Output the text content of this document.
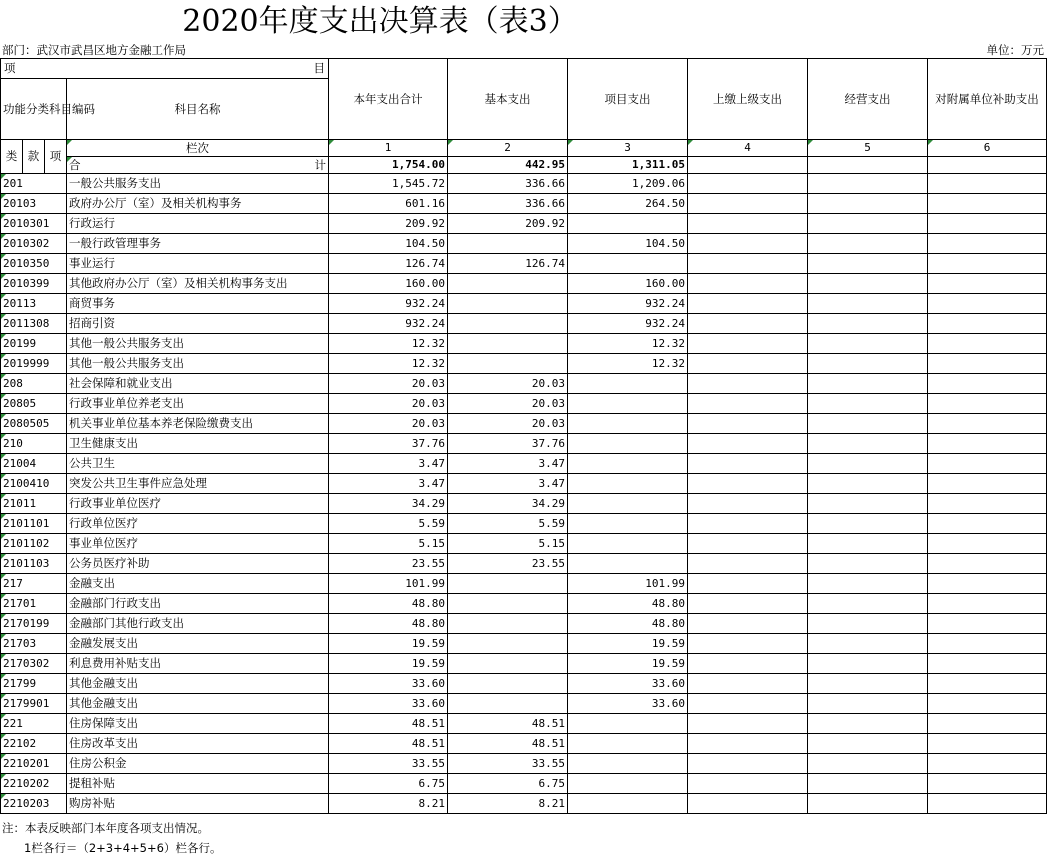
2020年度支出决算表（表3）
部门：武汉市武昌区地方金融工作局	单位：万元
项 目				本年支出合计	基本支出	项目支出	上缴上级支出	经营支出	对附属单位补助支出
功能分类科目编码			科目名称						
类	款	项	栏次	1	2	3	4	5	6
			合 计	1,754.00	442.95	1,311.05			
201			一般公共服务支出	1,545.72	336.66	1,209.06			
20103			政府办公厅（室）及相关机构事务	601.16	336.66	264.50			
2010301			行政运行	209.92	209.92				
2010302			一般行政管理事务	104.50		104.50			
2010350			事业运行	126.74	126.74				
2010399			其他政府办公厅（室）及相关机构事务支出	160.00		160.00			
20113			商贸事务	932.24		932.24			
2011308			招商引资	932.24		932.24			
20199			其他一般公共服务支出	12.32		12.32			
2019999			其他一般公共服务支出	12.32		12.32			
208			社会保障和就业支出	20.03	20.03				
20805			行政事业单位养老支出	20.03	20.03				
2080505			机关事业单位基本养老保险缴费支出	20.03	20.03				
210			卫生健康支出	37.76	37.76				
21004			公共卫生	3.47	3.47				
2100410			突发公共卫生事件应急处理	3.47	3.47				
21011			行政事业单位医疗	34.29	34.29				
2101101			行政单位医疗	5.59	5.59				
2101102			事业单位医疗	5.15	5.15				
2101103			公务员医疗补助	23.55	23.55				
217			金融支出	101.99		101.99			
21701			金融部门行政支出	48.80		48.80			
2170199			金融部门其他行政支出	48.80		48.80			
21703			金融发展支出	19.59		19.59			
2170302			利息费用补贴支出	19.59		19.59			
21799			其他金融支出	33.60		33.60			
2179901			其他金融支出	33.60		33.60			
221			住房保障支出	48.51	48.51				
22102			住房改革支出	48.51	48.51				
2210201			住房公积金	33.55	33.55				
2210202			提租补贴	6.75	6.75				
2210203			购房补贴	8.21	8.21				
注：本表反映部门本年度各项支出情况。
1栏各行＝（2+3+4+5+6）栏各行。
